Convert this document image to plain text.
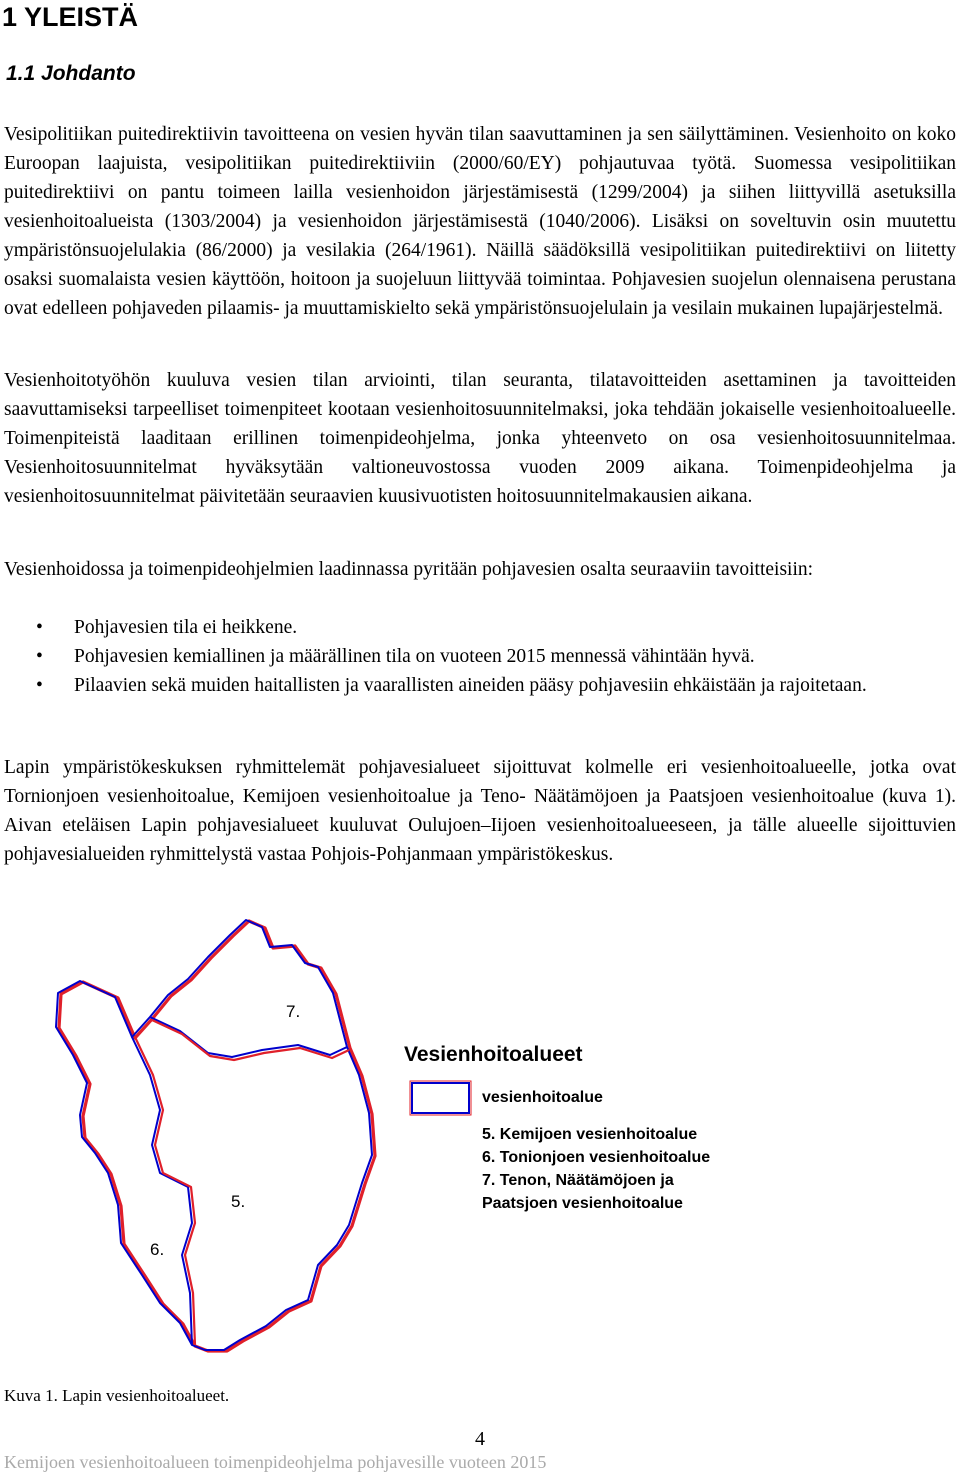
1 YLEISTÄ
1.1 Johdanto

Vesipolitiikan puitedirektiivin tavoitteena on vesien hyvän tilan saavuttaminen ja sen säilyttäminen. Vesienhoito on koko Euroopan laajuista, vesipolitiikan puitedirektiiviin (2000/60/EY) pohjautuvaa työtä. Suomessa vesipolitiikan puitedirektiivi on pantu toimeen lailla vesienhoidon järjestämisestä (1299/2004) ja siihen liittyvillä asetuksilla vesienhoitoalueista (1303/2004) ja vesienhoidon järjestämisestä (1040/2006). Lisäksi on soveltuvin osin muutettu ympäristönsuojelulakia (86/2000) ja vesilakia (264/1961). Näillä säädöksillä vesipolitiikan puitedirektiivi on liitetty osaksi suomalaista vesien käyttöön, hoitoon ja suojeluun liittyvää toimintaa. Pohjavesien suojelun olennaisena perustana ovat edelleen pohjaveden pilaamis- ja muuttamiskielto sekä ympäristönsuojelulain ja vesilain mukainen lupajärjestelmä.

Vesienhoitotyöhön kuuluva vesien tilan arviointi, tilan seuranta, tilatavoitteiden asettaminen ja tavoitteiden saavuttamiseksi tarpeelliset toimenpiteet kootaan vesienhoitosuunnitelmaksi, joka tehdään jokaiselle vesienhoitoalueelle. Toimenpiteistä laaditaan erillinen toimenpideohjelma, jonka yhteenveto on osa vesienhoitosuunnitelmaa. Vesienhoitosuunnitelmat hyväksytään valtioneuvostossa vuoden 2009 aikana. Toimenpideohjelma ja vesienhoitosuunnitelmat päivitetään seuraavien kuusivuotisten hoitosuunnitelmakausien aikana.

Vesienhoidossa ja toimenpideohjelmien laadinnassa pyritään pohjavesien osalta seuraaviin tavoitteisiin:

• Pohjavesien tila ei heikkene.
• Pohjavesien kemiallinen ja määrällinen tila on vuoteen 2015 mennessä vähintään hyvä.
• Pilaavien sekä muiden haitallisten ja vaarallisten aineiden pääsy pohjavesiin ehkäistään ja rajoitetaan.

Lapin ympäristökeskuksen ryhmittelemät pohjavesialueet sijoittuvat kolmelle eri vesienhoitoalueelle, jotka ovat Tornionjoen vesienhoitoalue, Kemijoen vesienhoitoalue ja Teno- Näätämöjoen ja Paatsjoen vesienhoitoalue (kuva 1). Aivan eteläisen Lapin pohjavesialueet kuuluvat Oulujoen–Iijoen vesienhoitoalueeseen, ja tälle alueelle sijoittuvien pohjavesialueiden ryhmittelystä vastaa Pohjois-Pohjanmaan ympäristökeskus.

7.
5.
6.
Vesienhoitoalueet
vesienhoitoalue
5. Kemijoen vesienhoitoalue
6. Tonionjoen vesienhoitoalue
7. Tenon, Näätämöjoen ja
Paatsjoen vesienhoitoalue
Kuva 1. Lapin vesienhoitoalueet.
4
Kemijoen vesienhoitoalueen toimenpideohjelma pohjavesille vuoteen 2015
